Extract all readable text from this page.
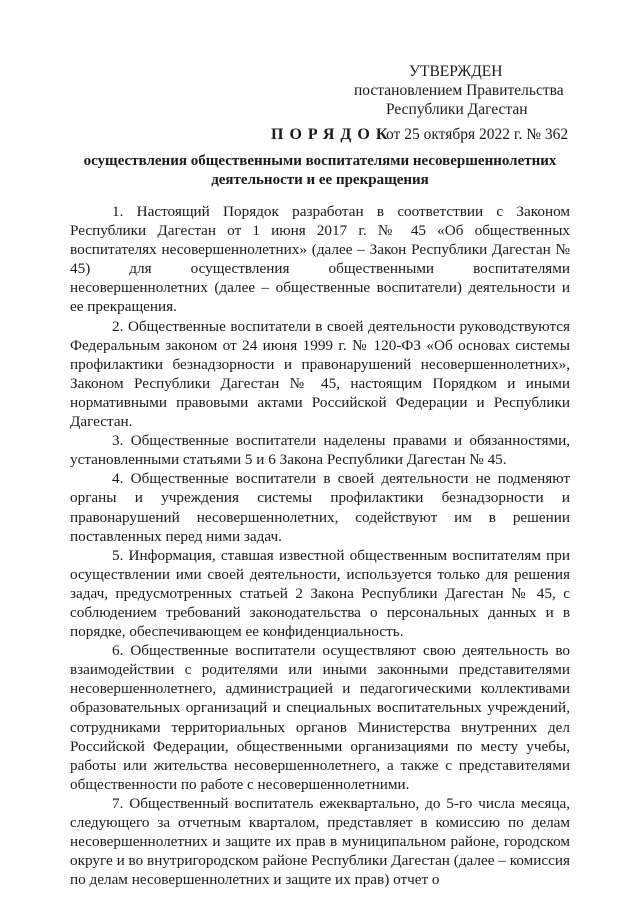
УТВЕРЖДЕН
постановлением Правительства
Республики Дагестан
от 25 октября 2022 г. № 362
ПОРЯДОК
осуществления общественными воспитателями несовершеннолетних деятельности и ее прекращения

1. Настоящий Порядок разработан в соответствии с Законом Республики Дагестан от 1 июня 2017 г. № 45 «Об общественных воспитателях несовершеннолетних» (далее – Закон Республики Дагестан № 45) для осуществления общественными воспитателями несовершеннолетних (далее – общественные воспитатели) деятельности и ее прекращения.

2. Общественные воспитатели в своей деятельности руководствуются Федеральным законом от 24 июня 1999 г. № 120-ФЗ «Об основах системы профилактики безнадзорности и правонарушений несовершеннолетних», Законом Республики Дагестан № 45, настоящим Порядком и иными нормативными правовыми актами Российской Федерации и Республики Дагестан.

3. Общественные воспитатели наделены правами и обязанностями, установленными статьями 5 и 6 Закона Республики Дагестан № 45.

4. Общественные воспитатели в своей деятельности не подменяют органы и учреждения системы профилактики безнадзорности и правонарушений несовершеннолетних, содействуют им в решении поставленных перед ними задач.

5. Информация, ставшая известной общественным воспитателям при осуществлении ими своей деятельности, используется только для решения задач, предусмотренных статьей 2 Закона Республики Дагестан № 45, с соблюдением требований законодательства о персональных данных и в порядке, обеспечивающем ее конфиденциальность.

6. Общественные воспитатели осуществляют свою деятельность во взаимодействии с родителями или иными законными представителями несовершеннолетнего, администрацией и педагогическими коллективами образовательных организаций и специальных воспитательных учреждений, сотрудниками территориальных органов Министерства внутренних дел Российской Федерации, общественными организациями по месту учебы, работы или жительства несовершеннолетнего, а также с представителями общественности по работе с несовершеннолетними.

7. Общественный воспитатель ежеквартально, до 5-го числа месяца, следующего за отчетным кварталом, представляет в комиссию по делам несовершеннолетних и защите их прав в муниципальном районе, городском округе и во внутригородском районе Республики Дагестан (далее – комиссия по делам несовершеннолетних и защите их прав) отчет о
